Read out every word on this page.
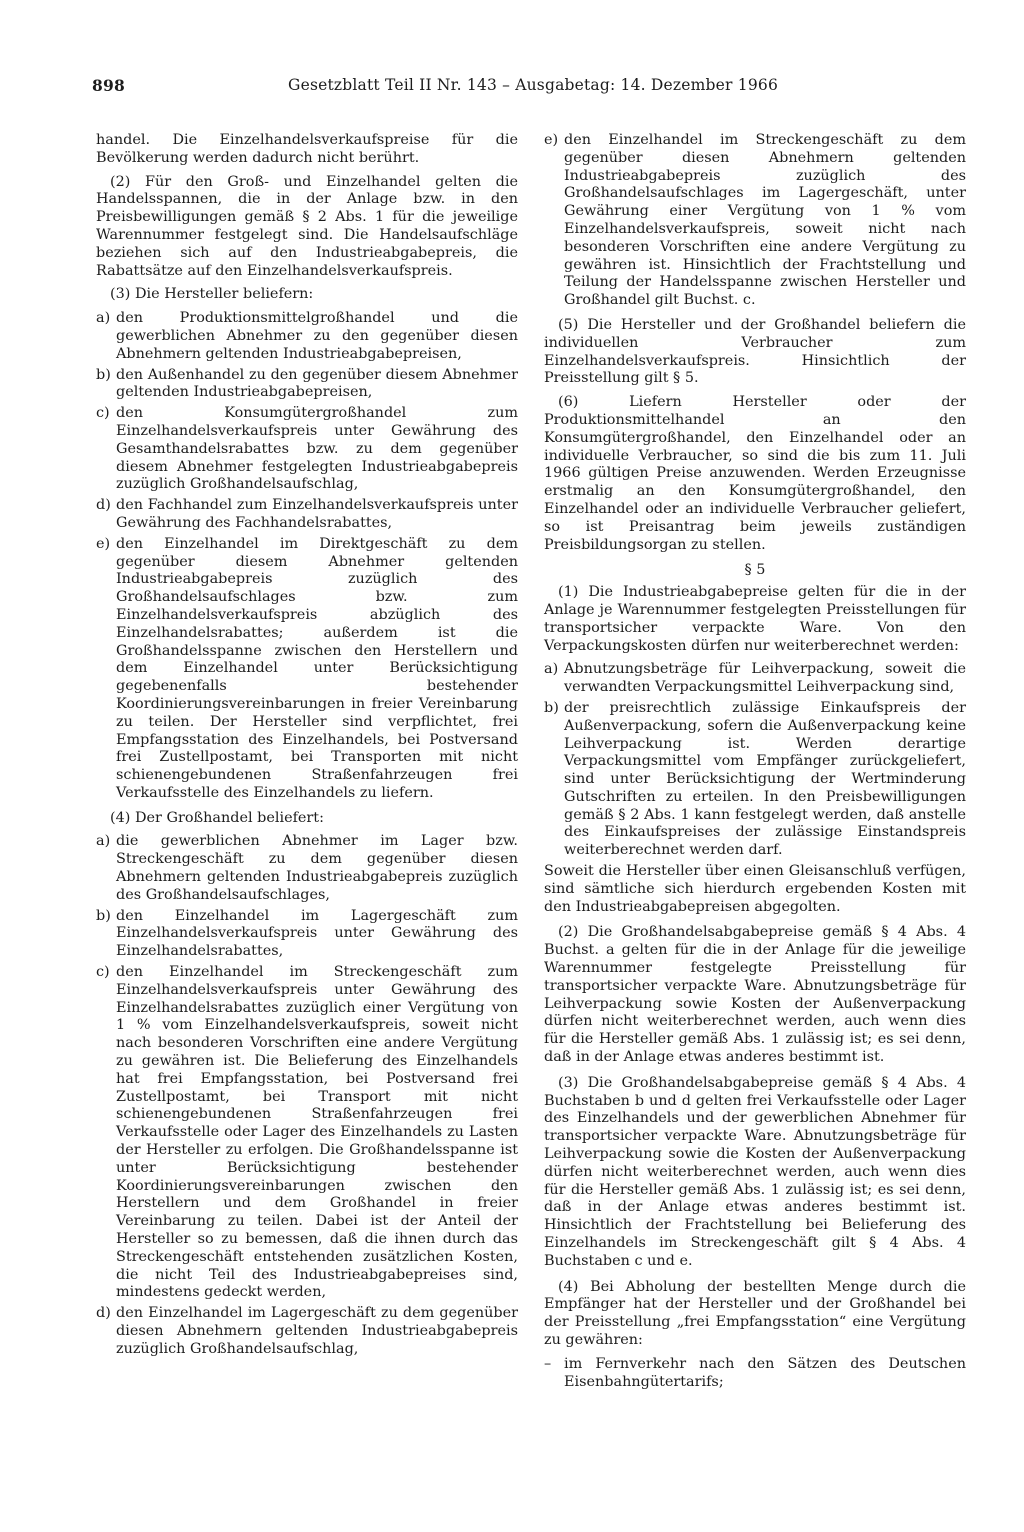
898	Gesetzblatt Teil II Nr. 143 – Ausgabetag: 14. Dezember 1966

handel. Die Einzelhandelsverkaufspreise für die Bevölkerung werden dadurch nicht berührt.

(2) Für den Groß- und Einzelhandel gelten die Handelsspannen, die in der Anlage bzw. in den Preisbewilligungen gemäß § 2 Abs. 1 für die jeweilige Warennummer festgelegt sind. Die Handelsaufschläge beziehen sich auf den Industrieabgabepreis, die Rabattsätze auf den Einzelhandelsverkaufspreis.

(3) Die Hersteller beliefern:

a) den Produktionsmittelgroßhandel und die gewerblichen Abnehmer zu den gegenüber diesen Abnehmern geltenden Industrieabgabepreisen,
b) den Außenhandel zu den gegenüber diesem Abnehmer geltenden Industrieabgabepreisen,
c) den Konsumgütergroßhandel zum Einzelhandelsverkaufspreis unter Gewährung des Gesamthandelsrabattes bzw. zu dem gegenüber diesem Abnehmer festgelegten Industrieabgabepreis zuzüglich Großhandelsaufschlag,
d) den Fachhandel zum Einzelhandelsverkaufspreis unter Gewährung des Fachhandelsrabattes,
e) den Einzelhandel im Direktgeschäft zu dem gegenüber diesem Abnehmer geltenden Industrieabgabepreis zuzüglich des Großhandelsaufschlages bzw. zum Einzelhandelsverkaufspreis abzüglich des Einzelhandelsrabattes; außerdem ist die Großhandelsspanne zwischen den Herstellern und dem Einzelhandel unter Berücksichtigung gegebenenfalls bestehender Koordinierungsvereinbarungen in freier Vereinbarung zu teilen. Der Hersteller sind verpflichtet, frei Empfangsstation des Einzelhandels, bei Postversand frei Zustellpostamt, bei Transporten mit nicht schienengebundenen Straßenfahrzeugen frei Verkaufsstelle des Einzelhandels zu liefern.

(4) Der Großhandel beliefert:

a) die gewerblichen Abnehmer im Lager bzw. Streckengeschäft zu dem gegenüber diesen Abnehmern geltenden Industrieabgabepreis zuzüglich des Großhandelsaufschlages,
b) den Einzelhandel im Lagergeschäft zum Einzelhandelsverkaufspreis unter Gewährung des Einzelhandelsrabattes,
c) den Einzelhandel im Streckengeschäft zum Einzelhandelsverkaufspreis unter Gewährung des Einzelhandelsrabattes zuzüglich einer Vergütung von 1 % vom Einzelhandelsverkaufspreis, soweit nicht nach besonderen Vorschriften eine andere Vergütung zu gewähren ist. Die Belieferung des Einzelhandels hat frei Empfangsstation, bei Postversand frei Zustellpostamt, bei Transport mit nicht schienengebundenen Straßenfahrzeugen frei Verkaufsstelle oder Lager des Einzelhandels zu Lasten der Hersteller zu erfolgen. Die Großhandelsspanne ist unter Berücksichtigung bestehender Koordinierungsvereinbarungen zwischen den Herstellern und dem Großhandel in freier Vereinbarung zu teilen. Dabei ist der Anteil der Hersteller so zu bemessen, daß die ihnen durch das Streckengeschäft entstehenden zusätzlichen Kosten, die nicht Teil des Industrieabgabepreises sind, mindestens gedeckt werden,
d) den Einzelhandel im Lagergeschäft zu dem gegenüber diesen Abnehmern geltenden Industrieabgabepreis zuzüglich Großhandelsaufschlag,
e) den Einzelhandel im Streckengeschäft zu dem gegenüber diesen Abnehmern geltenden Industrieabgabepreis zuzüglich des Großhandelsaufschlages im Lagergeschäft, unter Gewährung einer Vergütung von 1 % vom Einzelhandelsverkaufspreis, soweit nicht nach besonderen Vorschriften eine andere Vergütung zu gewähren ist. Hinsichtlich der Frachtstellung und Teilung der Handelsspanne zwischen Hersteller und Großhandel gilt Buchst. c.

(5) Die Hersteller und der Großhandel beliefern die individuellen Verbraucher zum Einzelhandelsverkaufspreis. Hinsichtlich der Preisstellung gilt § 5.

(6) Liefern Hersteller oder der Produktionsmittelhandel an den Konsumgütergroßhandel, den Einzelhandel oder an individuelle Verbraucher, so sind die bis zum 11. Juli 1966 gültigen Preise anzuwenden. Werden Erzeugnisse erstmalig an den Konsumgütergroßhandel, den Einzelhandel oder an individuelle Verbraucher geliefert, so ist Preisantrag beim jeweils zuständigen Preisbildungsorgan zu stellen.

§ 5

(1) Die Industrieabgabepreise gelten für die in der Anlage je Warennummer festgelegten Preisstellungen für transportsicher verpackte Ware. Von den Verpackungskosten dürfen nur weiterberechnet werden:

a) Abnutzungsbeträge für Leihverpackung, soweit die verwandten Verpackungsmittel Leihverpackung sind,
b) der preisrechtlich zulässige Einkaufspreis der Außenverpackung, sofern die Außenverpackung keine Leihverpackung ist. Werden derartige Verpackungsmittel vom Empfänger zurückgeliefert, sind unter Berücksichtigung der Wertminderung Gutschriften zu erteilen. In den Preisbewilligungen gemäß § 2 Abs. 1 kann festgelegt werden, daß anstelle des Einkaufspreises der zulässige Einstandspreis weiterberechnet werden darf.

Soweit die Hersteller über einen Gleisanschluß verfügen, sind sämtliche sich hierdurch ergebenden Kosten mit den Industrieabgabepreisen abgegolten.

(2) Die Großhandelsabgabepreise gemäß § 4 Abs. 4 Buchst. a gelten für die in der Anlage für die jeweilige Warennummer festgelegte Preisstellung für transportsicher verpackte Ware. Abnutzungsbeträge für Leihverpackung sowie Kosten der Außenverpackung dürfen nicht weiterberechnet werden, auch wenn dies für die Hersteller gemäß Abs. 1 zulässig ist; es sei denn, daß in der Anlage etwas anderes bestimmt ist.

(3) Die Großhandelsabgabepreise gemäß § 4 Abs. 4 Buchstaben b und d gelten frei Verkaufsstelle oder Lager des Einzelhandels und der gewerblichen Abnehmer für transportsicher verpackte Ware. Abnutzungsbeträge für Leihverpackung sowie die Kosten der Außenverpackung dürfen nicht weiterberechnet werden, auch wenn dies für die Hersteller gemäß Abs. 1 zulässig ist; es sei denn, daß in der Anlage etwas anderes bestimmt ist. Hinsichtlich der Frachtstellung bei Belieferung des Einzelhandels im Streckengeschäft gilt § 4 Abs. 4 Buchstaben c und e.

(4) Bei Abholung der bestellten Menge durch die Empfänger hat der Hersteller und der Großhandel bei der Preisstellung „frei Empfangsstation“ eine Vergütung zu gewähren:

– im Fernverkehr nach den Sätzen des Deutschen Eisenbahngütertarifs;
